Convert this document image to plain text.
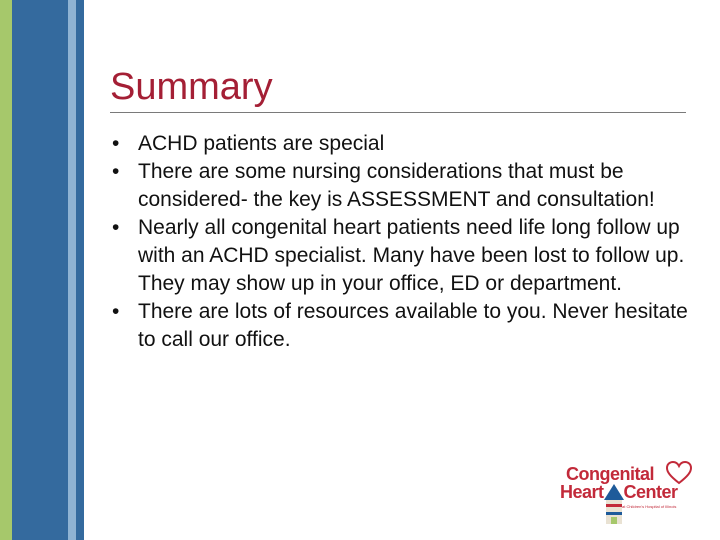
Summary
• ACHD patients are special
• There are some nursing considerations that must be considered- the key is ASSESSMENT and consultation!
• Nearly all congenital heart patients need life long follow up with an ACHD specialist. Many have been lost to follow up. They may show up in your office, ED or department.
• There are lots of resources available to you. Never hesitate to call our office.
Congenital
Heart Center
at Children's Hospital of Illinois
